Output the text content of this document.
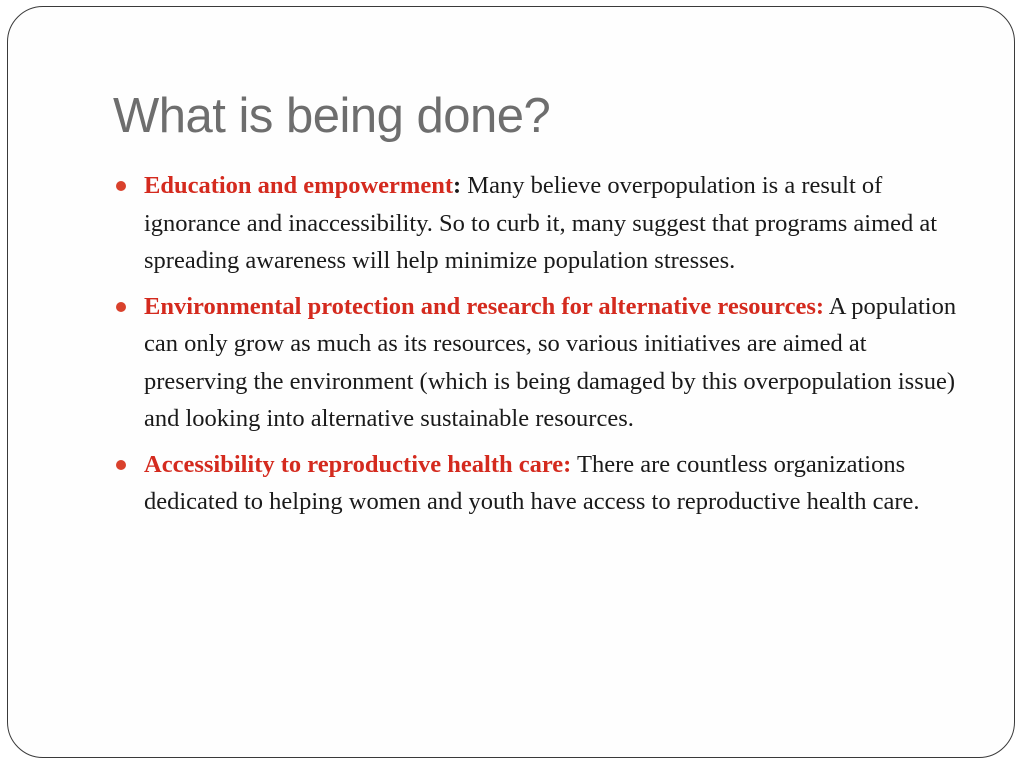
What is being done?
Education and empowerment: Many believe overpopulation is a result of ignorance and inaccessibility. So to curb it, many suggest that programs aimed at spreading awareness will help minimize population stresses.
Environmental protection and research for alternative resources: A population can only grow as much as its resources, so various initiatives are aimed at preserving the environment (which is being damaged by this overpopulation issue) and looking into alternative sustainable resources.
Accessibility to reproductive health care: There are countless organizations dedicated to helping women and youth have access to reproductive health care.
